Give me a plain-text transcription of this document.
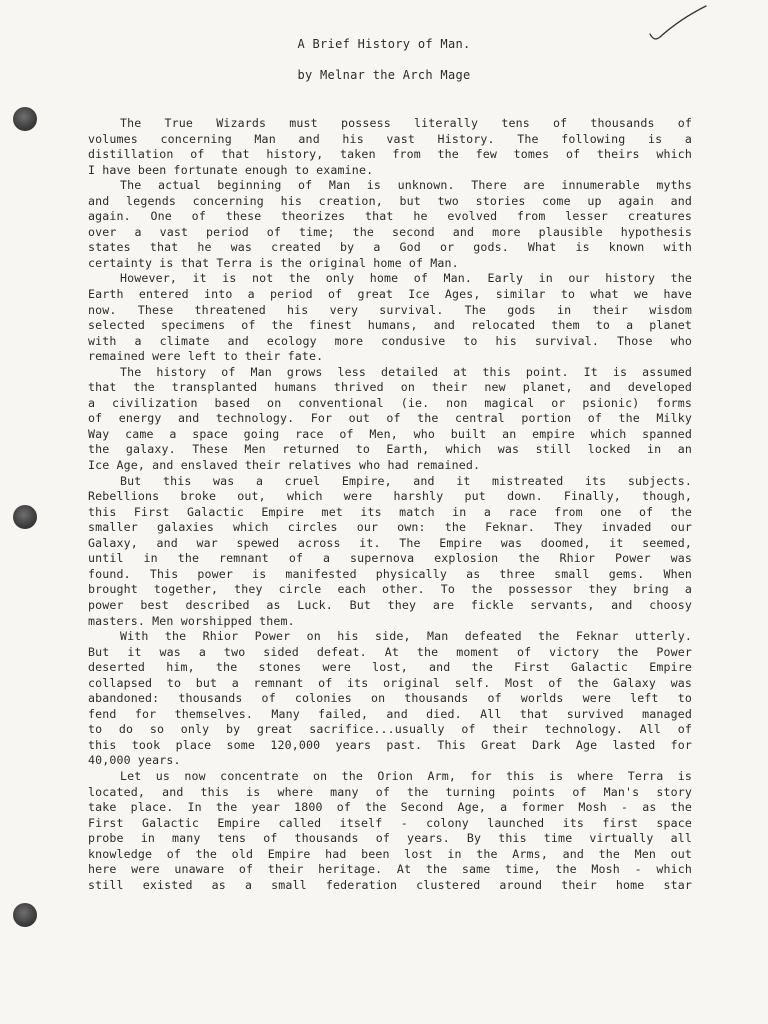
A Brief History of Man.
by Melnar the Arch Mage
The True Wizards must possess literally tens of thousands of
volumes concerning Man and his vast History. The following is a
distillation of that history, taken from the few tomes of theirs which
I have been fortunate enough to examine.
The actual beginning of Man is unknown. There are innumerable myths
and legends concerning his creation, but two stories come up again and
again. One of these theorizes that he evolved from lesser creatures
over a vast period of time; the second and more plausible hypothesis
states that he was created by a God or gods. What is known with
certainty is that Terra is the original home of Man.
However, it is not the only home of Man. Early in our history the
Earth entered into a period of great Ice Ages, similar to what we have
now. These threatened his very survival. The gods in their wisdom
selected specimens of the finest humans, and relocated them to a planet
with a climate and ecology more condusive to his survival. Those who
remained were left to their fate.
The history of Man grows less detailed at this point. It is assumed
that the transplanted humans thrived on their new planet, and developed
a civilization based on conventional (ie. non magical or psionic) forms
of energy and technology. For out of the central portion of the Milky
Way came a space going race of Men, who built an empire which spanned
the galaxy. These Men returned to Earth, which was still locked in an
Ice Age, and enslaved their relatives who had remained.
But this was a cruel Empire, and it mistreated its subjects.
Rebellions broke out, which were harshly put down. Finally, though,
this First Galactic Empire met its match in a race from one of the
smaller galaxies which circles our own: the Feknar. They invaded our
Galaxy, and war spewed across it. The Empire was doomed, it seemed,
until in the remnant of a supernova explosion the Rhior Power was
found. This power is manifested physically as three small gems. When
brought together, they circle each other. To the possessor they bring a
power best described as Luck. But they are fickle servants, and choosy
masters. Men worshipped them.
With the Rhior Power on his side, Man defeated the Feknar utterly.
But it was a two sided defeat. At the moment of victory the Power
deserted him, the stones were lost, and the First Galactic Empire
collapsed to but a remnant of its original self. Most of the Galaxy was
abandoned: thousands of colonies on thousands of worlds were left to
fend for themselves. Many failed, and died. All that survived managed
to do so only by great sacrifice...usually of their technology. All of
this took place some 120,000 years past. This Great Dark Age lasted for
40,000 years.
Let us now concentrate on the Orion Arm, for this is where Terra is
located, and this is where many of the turning points of Man's story
take place. In the year 1800 of the Second Age, a former Mosh - as the
First Galactic Empire called itself - colony launched its first space
probe in many tens of thousands of years. By this time virtually all
knowledge of the old Empire had been lost in the Arms, and the Men out
here were unaware of their heritage. At the same time, the Mosh - which
still existed as a small federation clustered around their home star
